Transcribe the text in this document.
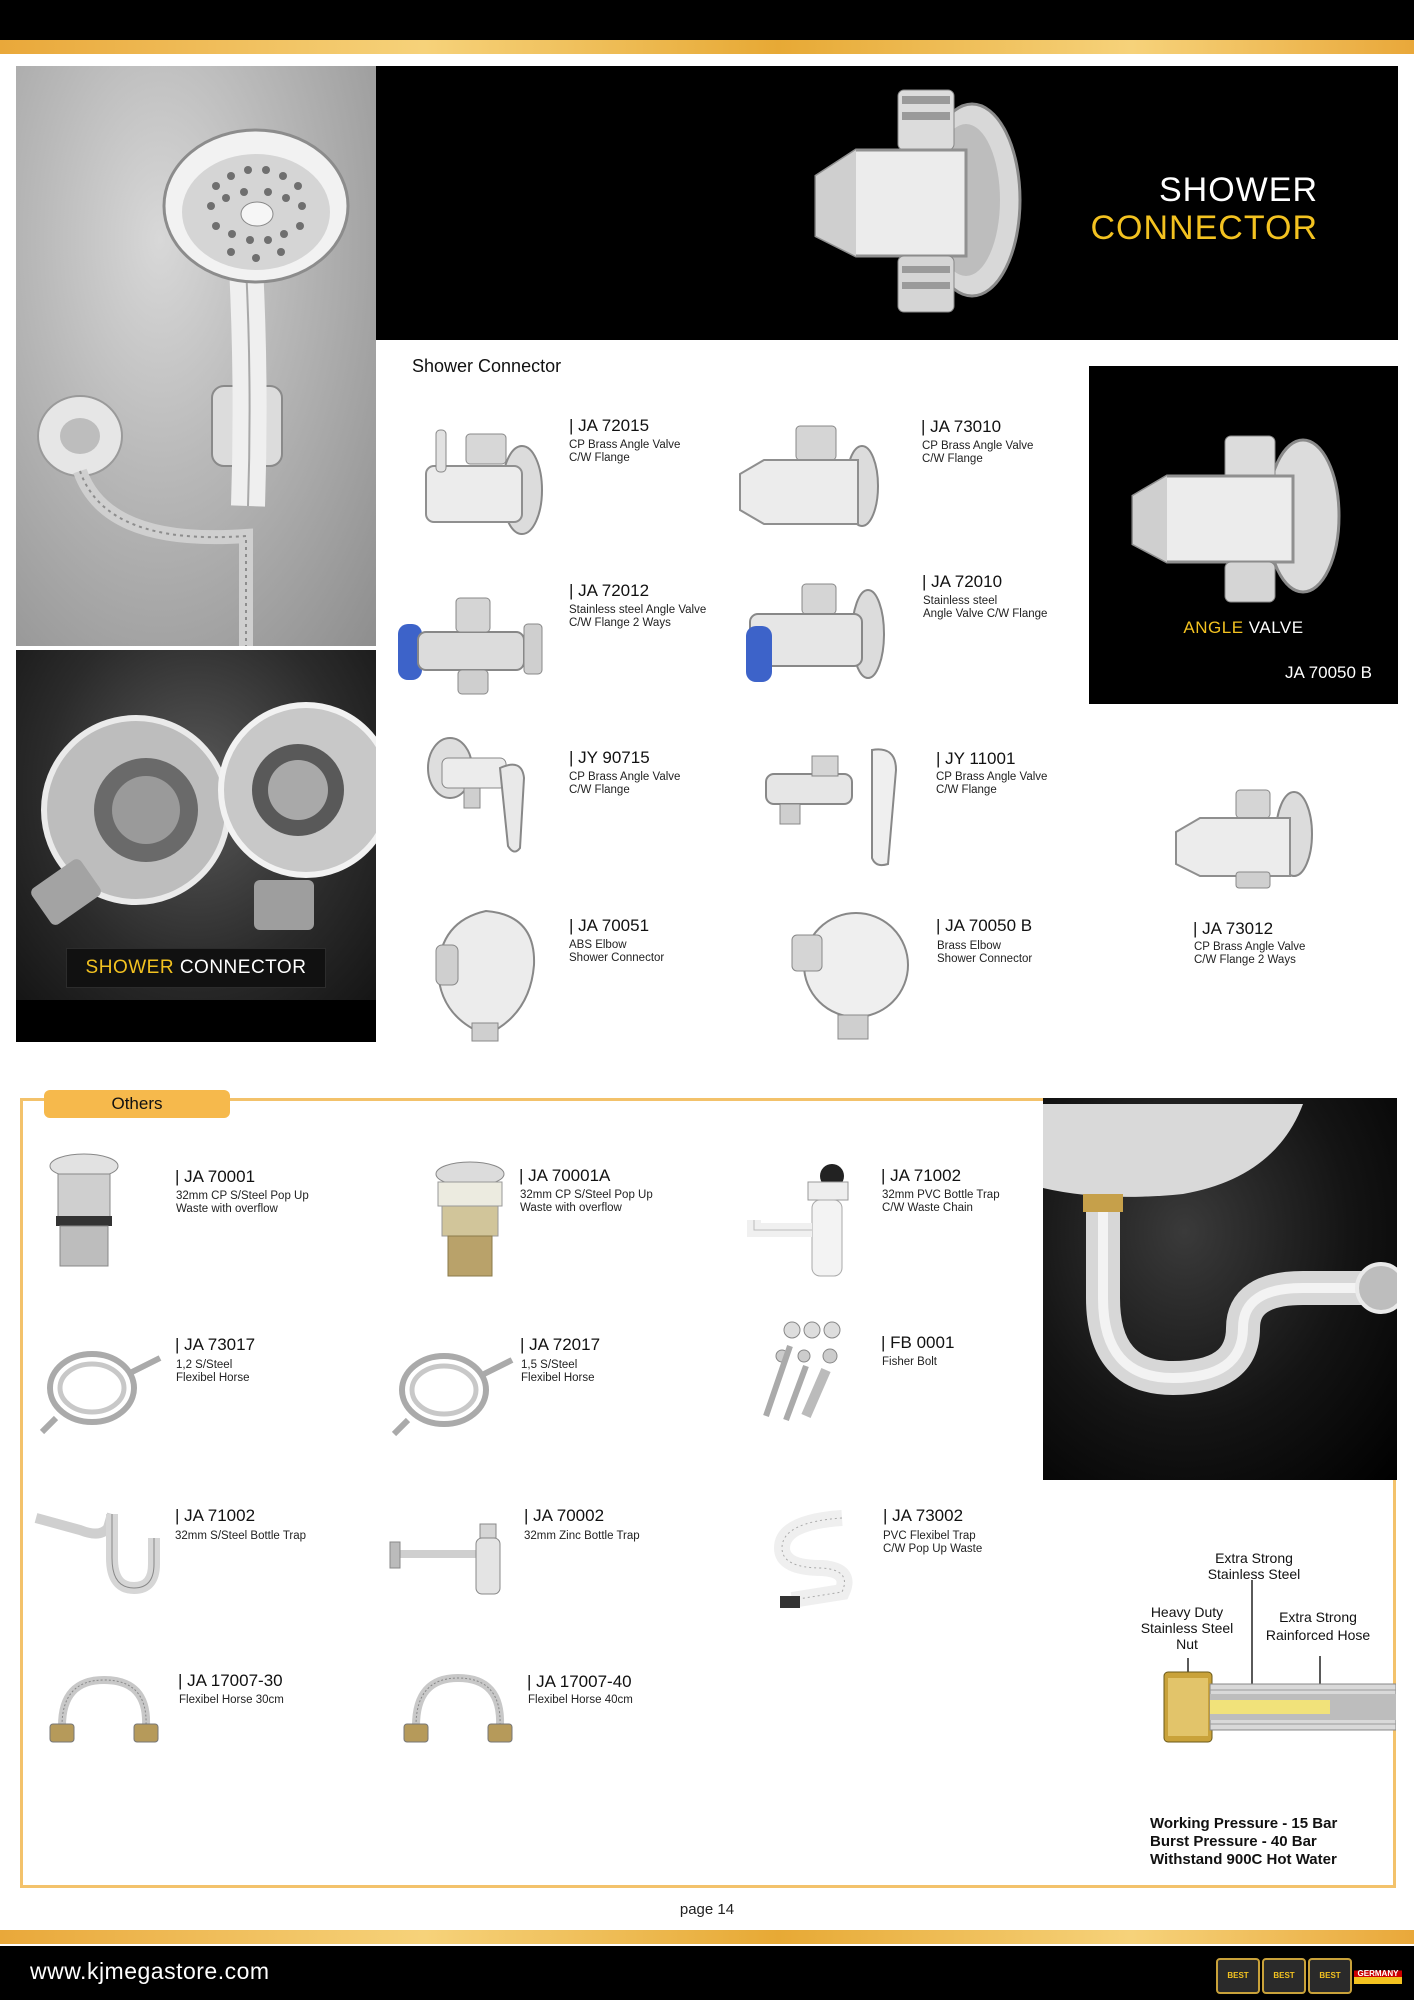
SHOWER CONNECTOR
SHOWER
CONNECTOR
Shower Connector
ANGLE VALVE
JA 70050 B
| JA 72015
CP Brass Angle Valve
C/W Flange
| JA 73010
CP Brass Angle Valve
C/W Flange
| JA 72012
Stainless steel Angle Valve
C/W Flange 2 Ways
| JA 72010
Stainless steel
Angle Valve C/W Flange
| JY 90715
CP Brass Angle Valve
C/W Flange
| JY 11001
CP Brass Angle Valve
C/W Flange
| JA 73012
CP Brass Angle Valve
C/W Flange 2 Ways
| JA 70051
ABS Elbow
Shower Connector
| JA 70050 B
Brass Elbow
Shower Connector
Others
| JA 70001
32mm CP S/Steel Pop Up
Waste with overflow
| JA 70001A
32mm CP S/Steel Pop Up
Waste with overflow
| JA 71002
32mm PVC Bottle Trap
C/W Waste Chain
| JA 73017
1,2 S/Steel
Flexibel Horse
| JA 72017
1,5 S/Steel
Flexibel Horse
| FB 0001
Fisher Bolt
| JA 71002
32mm S/Steel Bottle Trap
| JA 70002
32mm Zinc Bottle Trap
| JA 73002
PVC Flexibel Trap
C/W Pop Up Waste
| JA 17007-30
Flexibel Horse 30cm
| JA 17007-40
Flexibel Horse 40cm
Extra Strong
Stainless Steel
Heavy Duty
Stainless Steel
Nut
Extra Strong
Rainforced Hose
Working Pressure - 15 Bar
Burst Pressure - 40 Bar
Withstand 900C Hot Water
page 14
www.kjmegastore.com	BEST	BEST	BEST	GERMANY
